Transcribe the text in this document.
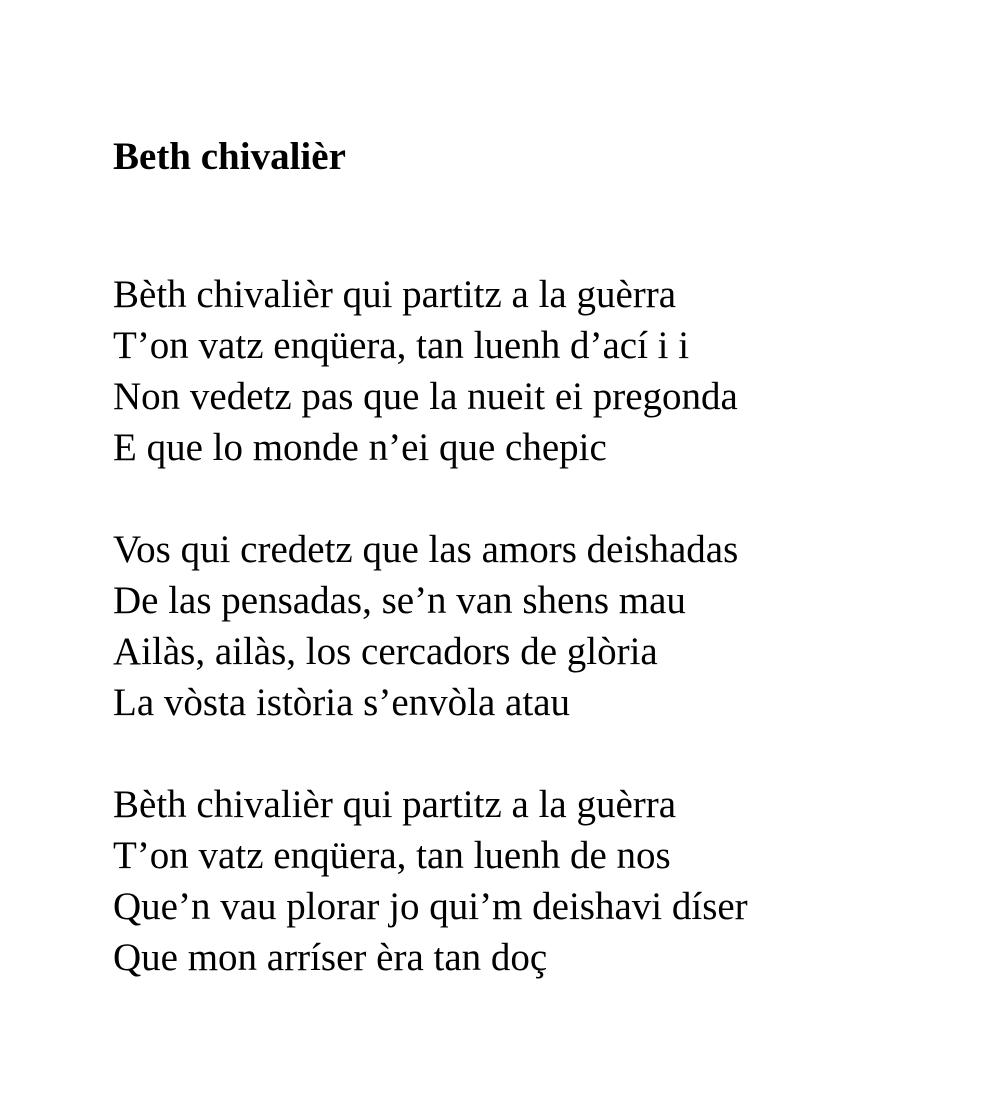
Beth chivalièr
Bèth chivalièr qui partitz a la guèrra
T’on vatz enqüera, tan luenh d’ací i i
Non vedetz pas que la nueit ei pregonda
E que lo monde n’ei que chepic
Vos qui credetz que las amors deishadas
De las pensadas, se’n van shens mau
Ailàs, ailàs, los cercadors de glòria
La vòsta istòria s’envòla atau
Bèth chivalièr qui partitz a la guèrra
T’on vatz enqüera, tan luenh de nos
Que’n vau plorar jo qui’m deishavi díser
Que mon arríser èra tan doç
